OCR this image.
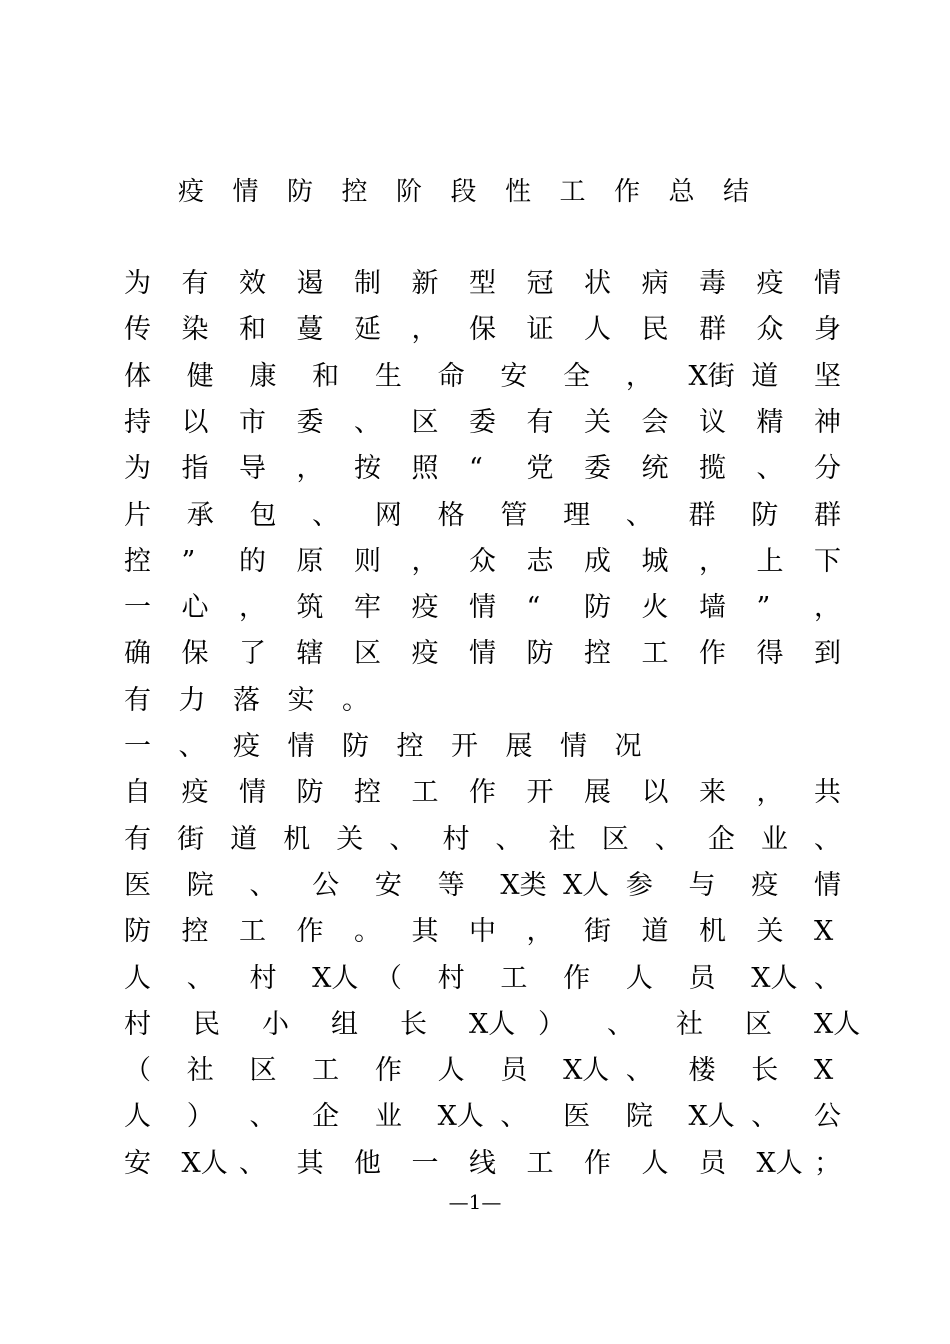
疫 情 防 控 阶 段 性 工 作 总 结
为 有 效 遏 制 新 型 冠 状 病 毒 疫 情
传 染 和 蔓 延 ， 保 证 人 民 群 众 身
体 健 康 和 生 命 安 全 ， X街 道 坚
持 以 市 委 、 区 委 有 关 会 议 精 神
为 指 导 ， 按 照 “ 党 委 统 揽 、 分
片 承 包 、 网 格 管 理 、 群 防 群
控 ” 的 原 则 ， 众 志 成 城 ， 上 下
一 心 ， 筑 牢 疫 情 “ 防 火 墙 ” ，
确 保 了 辖 区 疫 情 防 控 工 作 得 到
有 力 落 实 。
一 、 疫 情 防 控 开 展 情 况
自 疫 情 防 控 工 作 开 展 以 来 ， 共
有 街 道 机 关 、 村 、 社 区 、 企 业 、
医 院 、 公 安 等 X类 X人 参 与 疫 情
防 控 工 作 。 其 中 ， 街 道 机 关 X
人 、 村 X人 （ 村 工 作 人 员 X人 、
村 民 小 组 长 X人 ） 、 社 区 X人
（ 社 区 工 作 人 员 X人 、 楼 长 X
人 ） 、 企 业 X人 、 医 院 X人 、 公
安 X人 、 其 他 一 线 工 作 人 员 X人 ；
—1—
